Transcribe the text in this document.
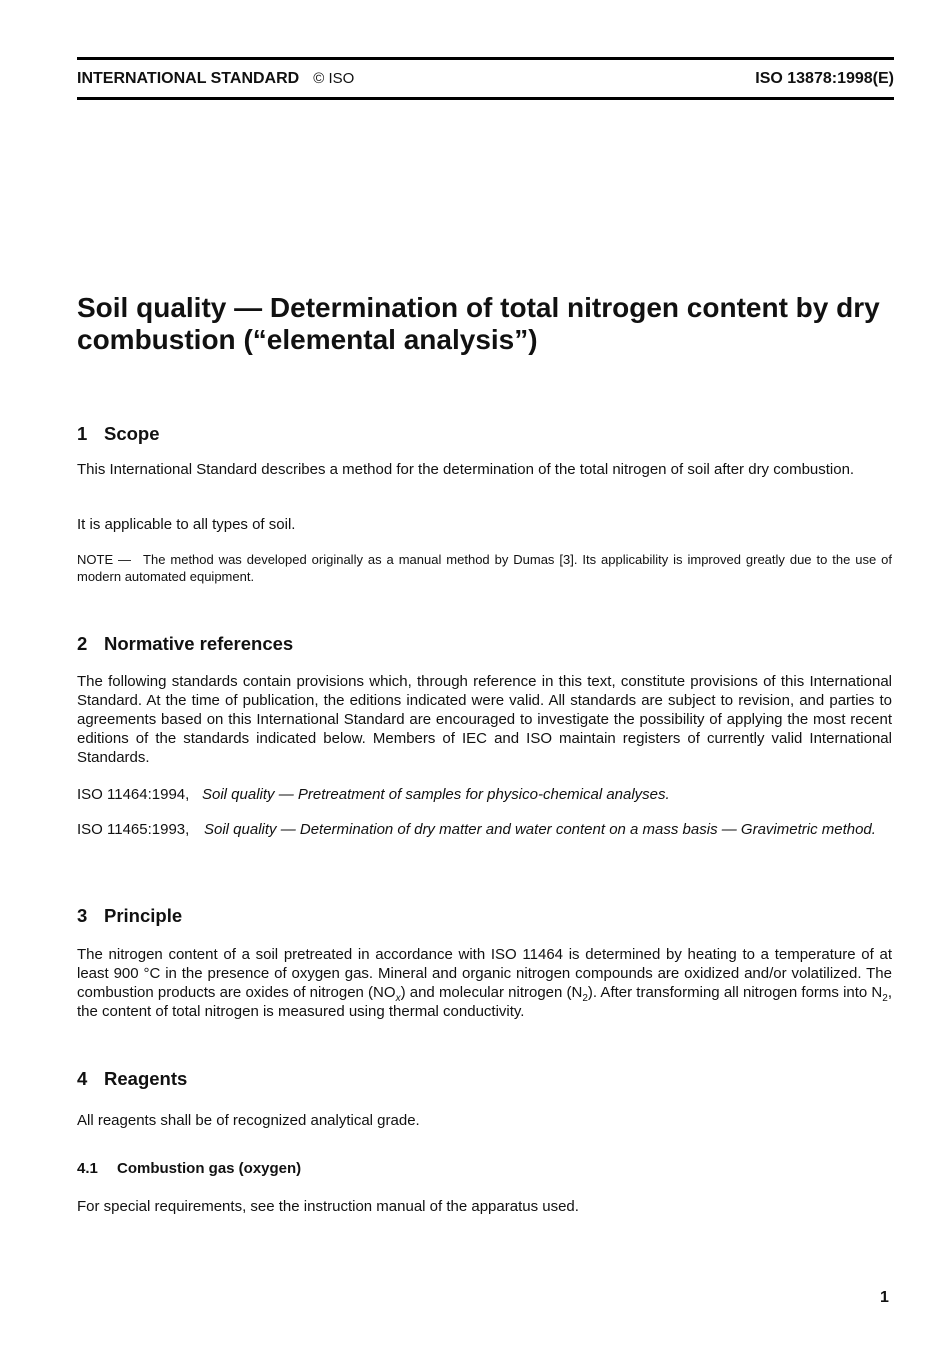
INTERNATIONAL STANDARD © ISO	ISO 13878:1998(E)
Soil quality — Determination of total nitrogen content by dry combustion (“elemental analysis”)
1 Scope

This International Standard describes a method for the determination of the total nitrogen of soil after dry combustion.

It is applicable to all types of soil.

NOTE — The method was developed originally as a manual method by Dumas [3]. Its applicability is improved greatly due to the use of modern automated equipment.

2 Normative references

The following standards contain provisions which, through reference in this text, constitute provisions of this International Standard. At the time of publication, the editions indicated were valid. All standards are subject to revision, and parties to agreements based on this International Standard are encouraged to investigate the possibility of applying the most recent editions of the standards indicated below. Members of IEC and ISO maintain registers of currently valid International Standards.

ISO 11464:1994, Soil quality — Pretreatment of samples for physico-chemical analyses.
ISO 11465:1993, Soil quality — Determination of dry matter and water content on a mass basis — Gravimetric method.
3 Principle

The nitrogen content of a soil pretreated in accordance with ISO 11464 is determined by heating to a temperature of at least 900 °C in the presence of oxygen gas. Mineral and organic nitrogen compounds are oxidized and/or volatilized. The combustion products are oxides of nitrogen $(NO_x)$ and molecular nitrogen $(N_2)$. After transforming all nitrogen forms into $N_2$, the content of total nitrogen is measured using thermal conductivity.

4 Reagents

All reagents shall be of recognized analytical grade.

4.1 Combustion gas (oxygen)

For special requirements, see the instruction manual of the apparatus used.

1
